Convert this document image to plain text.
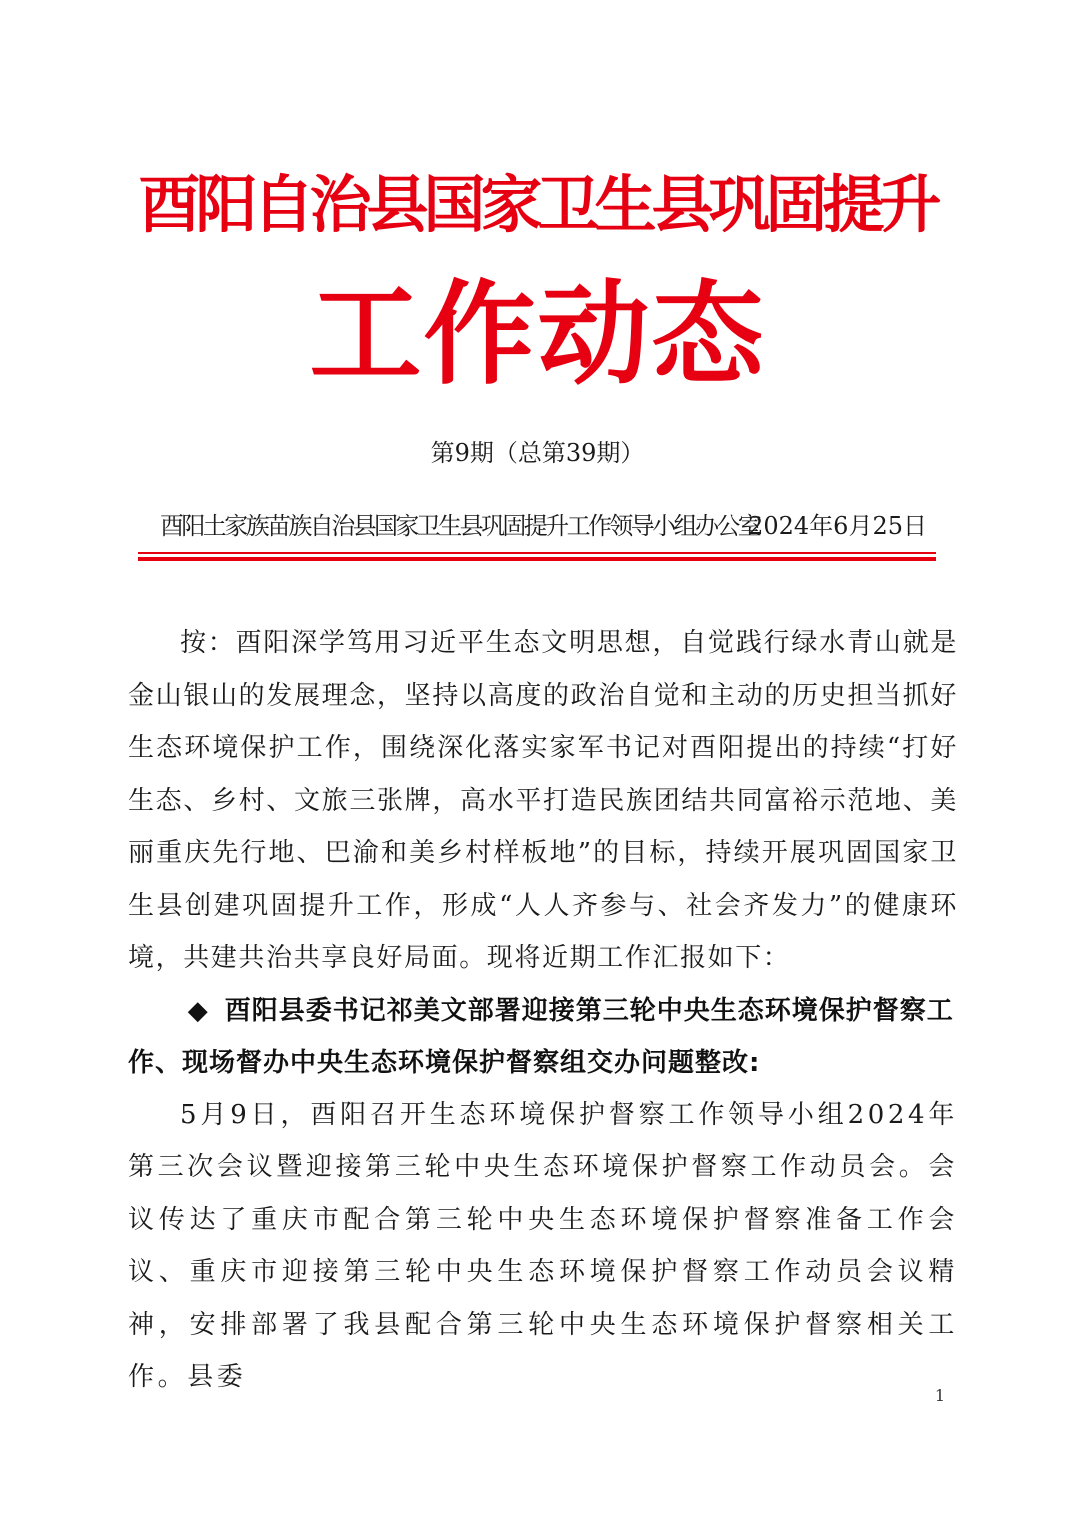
酉阳自治县国家卫生县巩固提升
工作动态
第9期（总第39期）
酉阳土家族苗族自治县国家卫生县巩固提升工作领导小组办公室
2024年6月25日

按：酉阳深学笃用习近平生态文明思想，自觉践行绿水青山就是金山银山的发展理念，坚持以高度的政治自觉和主动的历史担当抓好生态环境保护工作，围绕深化落实家军书记对酉阳提出的持续“打好生态、乡村、文旅三张牌，高水平打造民族团结共同富裕示范地、美丽重庆先行地、巴渝和美乡村样板地”的目标，持续开展巩固国家卫生县创建巩固提升工作，形成“人人齐参与、社会齐发力”的健康环境，共建共治共享良好局面。现将近期工作汇报如下：

◆ 酉阳县委书记祁美文部署迎接第三轮中央生态环境保护督察工作、现场督办中央生态环境保护督察组交办问题整改:

5月9日，酉阳召开生态环境保护督察工作领导小组2024年第三次会议暨迎接第三轮中央生态环境保护督察工作动员会。会议传达了重庆市配合第三轮中央生态环境保护督察准备工作会议、重庆市迎接第三轮中央生态环境保护督察工作动员会议精神，安排部署了我县配合第三轮中央生态环境保护督察相关工作。县委

1
